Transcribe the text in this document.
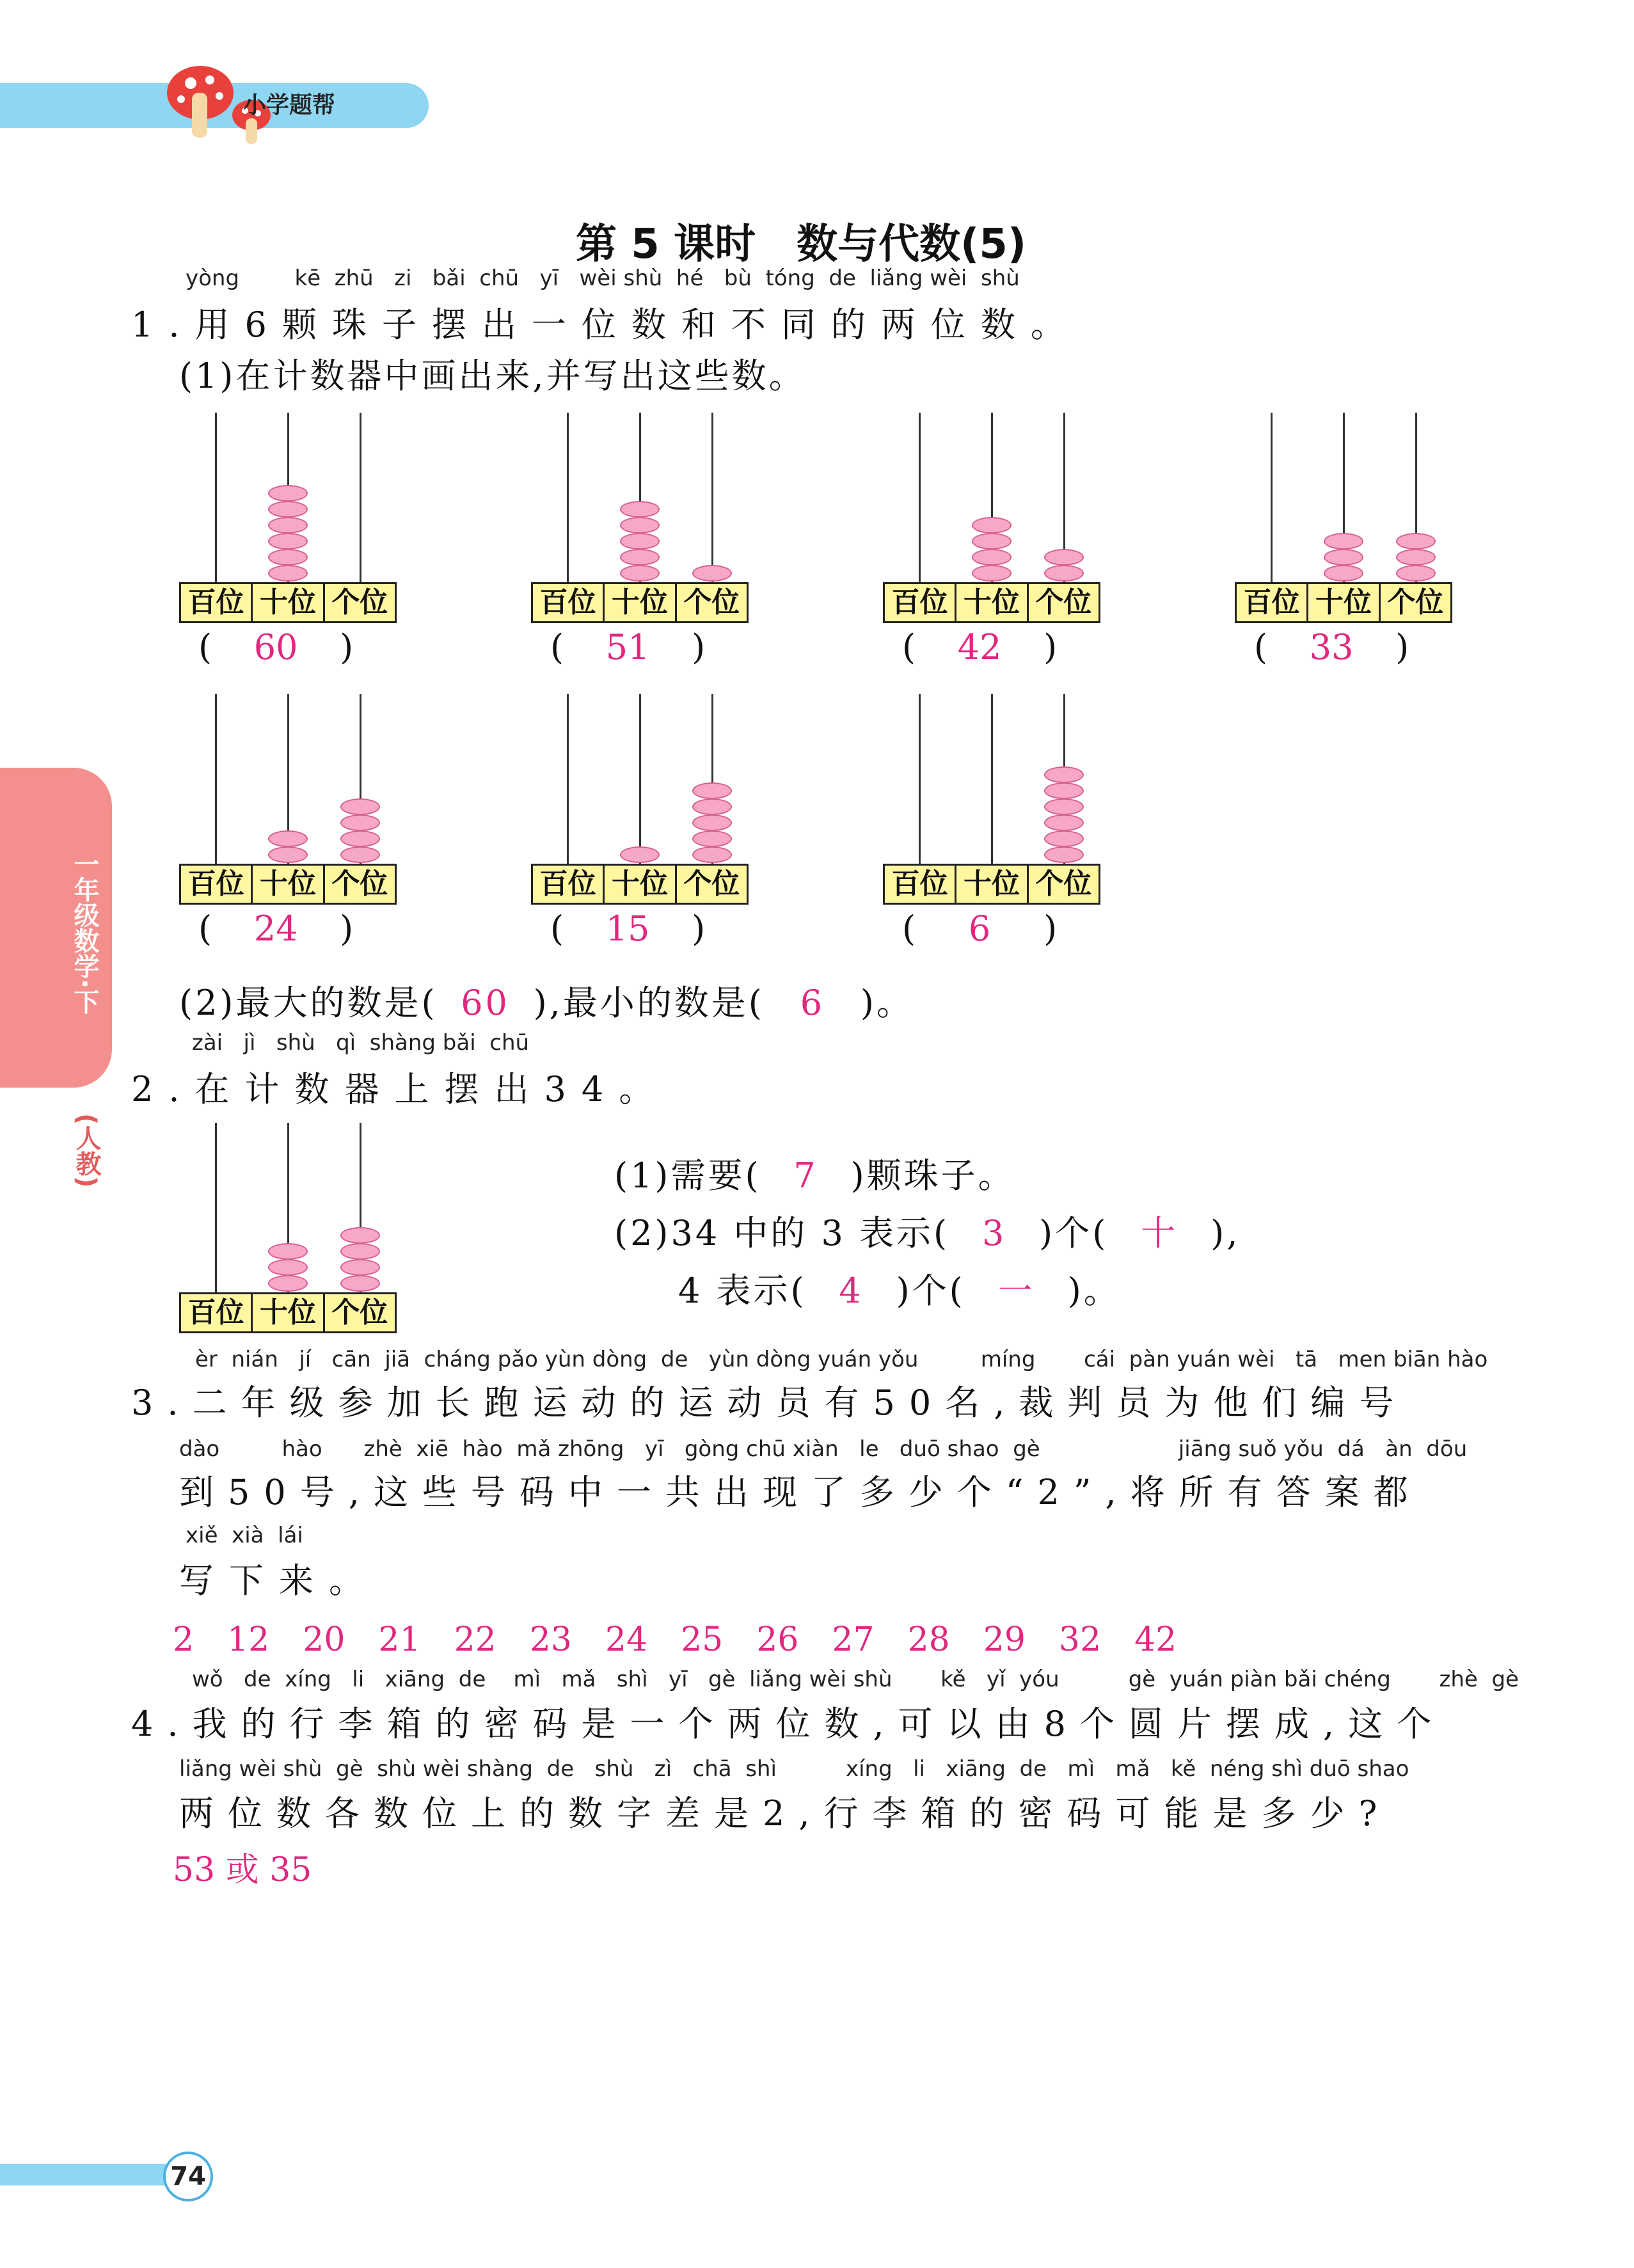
小学题帮
一年级数学·下
(人教)
第 5 课时　数与代数(5)
yòng        kē  zhū   zi   bǎi  chū   yī   wèi shù  hé   bù  tóng  de  liǎng wèi  shù
1.用6颗珠子摆出一位数和不同的两位数。
(1)在计数器中画出来,并写出这些数。
百位 十位 个位
( 60 )
百位 十位 个位
( 51 )
百位 十位 个位
( 42 )
百位 十位 个位
( 33 )
百位 十位 个位
( 24 )
百位 十位 个位
( 15 )
百位 十位 个位
( 6 )
(2)最大的数是( 60 ),最小的数是( 6 )。
zài   jì   shù   qì  shàng bǎi  chū
2.在计数器上摆出34。
百位 十位 个位
(1)需要( 7 )颗珠子。
(2)34 中的 3 表示( 3 )个( 十 ),
4 表示( 4 )个( 一 )。
èr  nián   jí   cān  jiā  cháng pǎo yùn dòng  de   yùn dòng yuán yǒu         míng       cái  pàn yuán wèi   tā   men biān hào
3.二年级参加长跑运动的运动员有50名,裁判员为他们编号
dào         hào      zhè  xiē  hào  mǎ zhōng   yī   gòng chū xiàn   le   duō shao  gè                    jiāng suǒ yǒu  dá   àn  dōu
到50号,这些号码中一共出现了多少个“2”,将所有答案都
xiě  xià  lái
写下来。
2　12　20　21　22　23　24　25　26　27　28　29　32　42
wǒ   de  xíng   li   xiāng  de    mì   mǎ   shì   yī   gè  liǎng wèi shù       kě   yǐ  yóu          gè  yuán piàn bǎi chéng       zhè  gè
4.我的行李箱的密码是一个两位数,可以由8个圆片摆成,这个
liǎng wèi shù  gè  shù wèi shàng  de   shù   zì   chā  shì          xíng   li   xiāng  de   mì   mǎ   kě  néng shì duō shao
两位数各数位上的数字差是2,行李箱的密码可能是多少?
53 或 35
74
